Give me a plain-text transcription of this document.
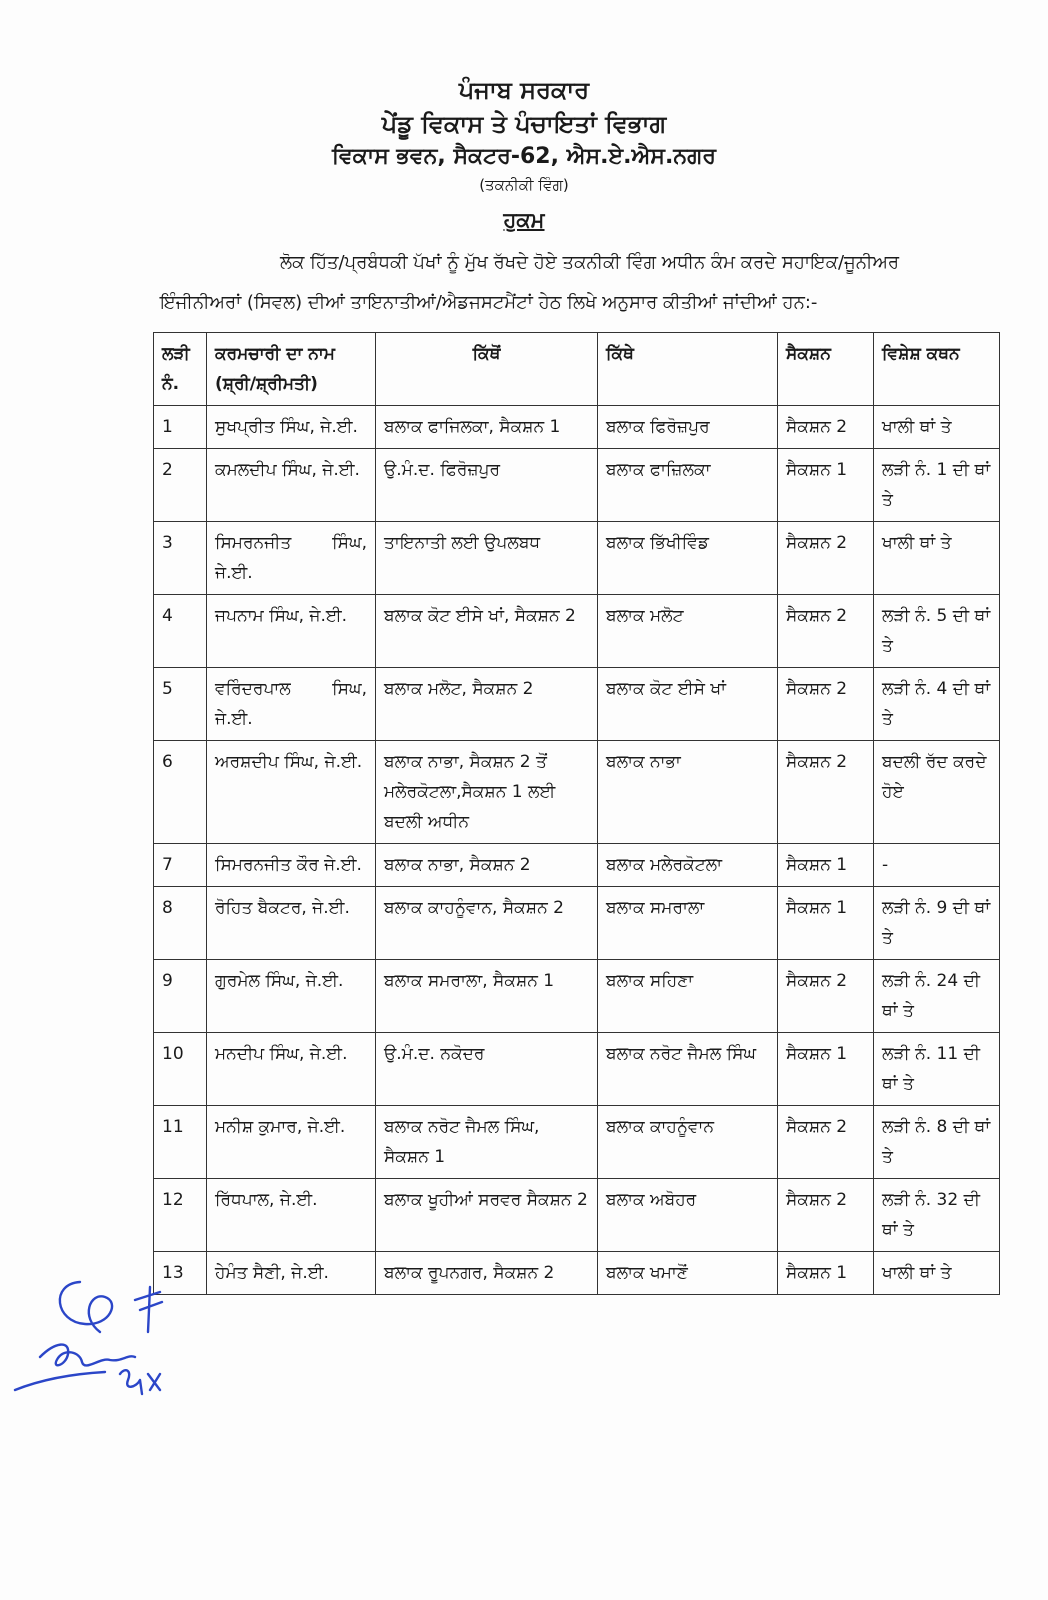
ਪੰਜਾਬ ਸਰਕਾਰ
ਪੇਂਡੂ ਵਿਕਾਸ ਤੇ ਪੰਚਾਇਤਾਂ ਵਿਭਾਗ
ਵਿਕਾਸ ਭਵਨ, ਸੈਕਟਰ-62, ਐਸ.ਏ.ਐਸ.ਨਗਰ
(ਤਕਨੀਕੀ ਵਿੰਗ)
ਹੁਕਮ

ਲੋਕ ਹਿੱਤ/ਪ੍ਰਬੰਧਕੀ ਪੱਖਾਂ ਨੂੰ ਮੁੱਖ ਰੱਖਦੇ ਹੋਏ ਤਕਨੀਕੀ ਵਿੰਗ ਅਧੀਨ ਕੰਮ ਕਰਦੇ ਸਹਾਇਕ/ਜੂਨੀਅਰ

ਇੰਜੀਨੀਅਰਾਂ (ਸਿਵਲ) ਦੀਆਂ ਤਾਇਨਾਤੀਆਂ/ਐਡਜਸਟਮੈਂਟਾਂ ਹੇਠ ਲਿਖੇ ਅਨੁਸਾਰ ਕੀਤੀਆਂ ਜਾਂਦੀਆਂ ਹਨ:-

ਲੜੀ ਨੰ.	ਕਰਮਚਾਰੀ ਦਾ ਨਾਮ (ਸ਼੍ਰੀ/ਸ਼੍ਰੀਮਤੀ)	ਕਿੱਥੋਂ	ਕਿੱਥੇ	ਸੈਕਸ਼ਨ	ਵਿਸ਼ੇਸ਼ ਕਥਨ
1	ਸੁਖਪ੍ਰੀਤ ਸਿੰਘ, ਜੇ.ਈ.	ਬਲਾਕ ਫਾਜਿਲਕਾ, ਸੈਕਸ਼ਨ 1	ਬਲਾਕ ਫਿਰੋਜ਼ਪੁਰ	ਸੈਕਸ਼ਨ 2	ਖਾਲੀ ਥਾਂ ਤੇ
2	ਕਮਲਦੀਪ ਸਿੰਘ, ਜੇ.ਈ.	ਉ.ਮੰ.ਦ. ਫਿਰੋਜ਼ਪੁਰ	ਬਲਾਕ ਫਾਜ਼ਿਲਕਾ	ਸੈਕਸ਼ਨ 1	ਲੜੀ ਨੰ. 1 ਦੀ ਥਾਂ ਤੇ
3	ਸਿਮਰਨਜੀਤ ਸਿੰਘ, ਜੇ.ਈ.	ਤਾਇਨਾਤੀ ਲਈ ਉਪਲਬਧ	ਬਲਾਕ ਭਿੱਖੀਵਿੰਡ	ਸੈਕਸ਼ਨ 2	ਖਾਲੀ ਥਾਂ ਤੇ
4	ਜਪਨਾਮ ਸਿੰਘ, ਜੇ.ਈ.	ਬਲਾਕ ਕੋਟ ਈਸੇ ਖਾਂ, ਸੈਕਸ਼ਨ 2	ਬਲਾਕ ਮਲੋਟ	ਸੈਕਸ਼ਨ 2	ਲੜੀ ਨੰ. 5 ਦੀ ਥਾਂ ਤੇ
5	ਵਰਿੰਦਰਪਾਲ ਸਿਘ, ਜੇ.ਈ.	ਬਲਾਕ ਮਲੋਟ, ਸੈਕਸ਼ਨ 2	ਬਲਾਕ ਕੋਟ ਈਸੇ ਖਾਂ	ਸੈਕਸ਼ਨ 2	ਲੜੀ ਨੰ. 4 ਦੀ ਥਾਂ ਤੇ
6	ਅਰਸ਼ਦੀਪ ਸਿੰਘ, ਜੇ.ਈ.	ਬਲਾਕ ਨਾਭਾ, ਸੈਕਸ਼ਨ 2 ਤੋਂ ਮਲੇਰਕੋਟਲਾ,ਸੈਕਸ਼ਨ 1 ਲਈ ਬਦਲੀ ਅਧੀਨ	ਬਲਾਕ ਨਾਭਾ	ਸੈਕਸ਼ਨ 2	ਬਦਲੀ ਰੱਦ ਕਰਦੇ ਹੋਏ
7	ਸਿਮਰਨਜੀਤ ਕੌਰ ਜੇ.ਈ.	ਬਲਾਕ ਨਾਭਾ, ਸੈਕਸ਼ਨ 2	ਬਲਾਕ ਮਲੇਰਕੋਟਲਾ	ਸੈਕਸ਼ਨ 1	-
8	ਰੋਹਿਤ ਬੈਕਟਰ, ਜੇ.ਈ.	ਬਲਾਕ ਕਾਹਨੂੰਵਾਨ, ਸੈਕਸ਼ਨ 2	ਬਲਾਕ ਸਮਰਾਲਾ	ਸੈਕਸ਼ਨ 1	ਲੜੀ ਨੰ. 9 ਦੀ ਥਾਂ ਤੇ
9	ਗੁਰਮੇਲ ਸਿੰਘ, ਜੇ.ਈ.	ਬਲਾਕ ਸਮਰਾਲਾ, ਸੈਕਸ਼ਨ 1	ਬਲਾਕ ਸਹਿਣਾ	ਸੈਕਸ਼ਨ 2	ਲੜੀ ਨੰ. 24 ਦੀ ਥਾਂ ਤੇ
10	ਮਨਦੀਪ ਸਿੰਘ, ਜੇ.ਈ.	ਉ.ਮੰ.ਦ. ਨਕੋਦਰ	ਬਲਾਕ ਨਰੋਟ ਜੈਮਲ ਸਿੰਘ	ਸੈਕਸ਼ਨ 1	ਲੜੀ ਨੰ. 11 ਦੀ ਥਾਂ ਤੇ
11	ਮਨੀਸ਼ ਕੁਮਾਰ, ਜੇ.ਈ.	ਬਲਾਕ ਨਰੋਟ ਜੈਮਲ ਸਿੰਘ, ਸੈਕਸ਼ਨ 1	ਬਲਾਕ ਕਾਹਨੂੰਵਾਨ	ਸੈਕਸ਼ਨ 2	ਲੜੀ ਨੰ. 8 ਦੀ ਥਾਂ ਤੇ
12	ਰਿੱਧਪਾਲ, ਜੇ.ਈ.	ਬਲਾਕ ਖੂਹੀਆਂ ਸਰਵਰ ਸੈਕਸ਼ਨ 2	ਬਲਾਕ ਅਬੋਹਰ	ਸੈਕਸ਼ਨ 2	ਲੜੀ ਨੰ. 32 ਦੀ ਥਾਂ ਤੇ
13	ਹੇਮੰਤ ਸੈਣੀ, ਜੇ.ਈ.	ਬਲਾਕ ਰੂਪਨਗਰ, ਸੈਕਸ਼ਨ 2	ਬਲਾਕ ਖਮਾਣੋਂ	ਸੈਕਸ਼ਨ 1	ਖਾਲੀ ਥਾਂ ਤੇ
